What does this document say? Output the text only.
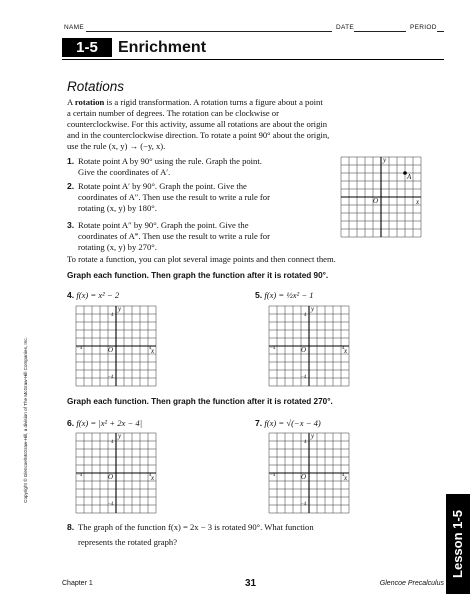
NAME	DATE	PERIOD
1-5	Enrichment
Rotations
A rotation is a rigid transformation. A rotation turns a figure about a point
a certain number of degrees. The rotation can be clockwise or
counterclockwise. For this activity, assume all rotations are about the origin
and in the counterclockwise direction. To rotate a point 90° about the origin,
use the rule (x, y) → (−y, x).
1. Rotate point A by 90° using the rule. Graph the point.
Give the coordinates of A′.
2. Rotate point A′ by 90°. Graph the point. Give the
coordinates of A″. Then use the result to write a rule for
rotating (x, y) by 180°.
3. Rotate point A″ by 90°. Graph the point. Give the
coordinates of A‴. Then use the result to write a rule for
rotating (x, y) by 270°.
y
x
O
A
To rotate a function, you can plot several image points and then connect them.
Graph each function. Then graph the function after it is rotated 90°.
4. f(x) = x² − 2	5. f(x) = ½x² − 1
y
x
O
−4	4
4
−4
y
x
O
−4	4
4
−4
Graph each function. Then graph the function after it is rotated 270°.
6. f(x) = |x² + 2x − 4|	7. f(x) = √(−x − 4)
y
x
O
−4	4
4
−4
y
x
O
−4	4
4
−4
8. The graph of the function f(x) = 2x − 3 is rotated 90°. What function
represents the rotated graph?	Lesson 1-5
Copyright © Glencoe/McGraw-Hill, a division of The McGraw-Hill Companies, Inc.
Chapter 1	31	Glencoe Precalculus
